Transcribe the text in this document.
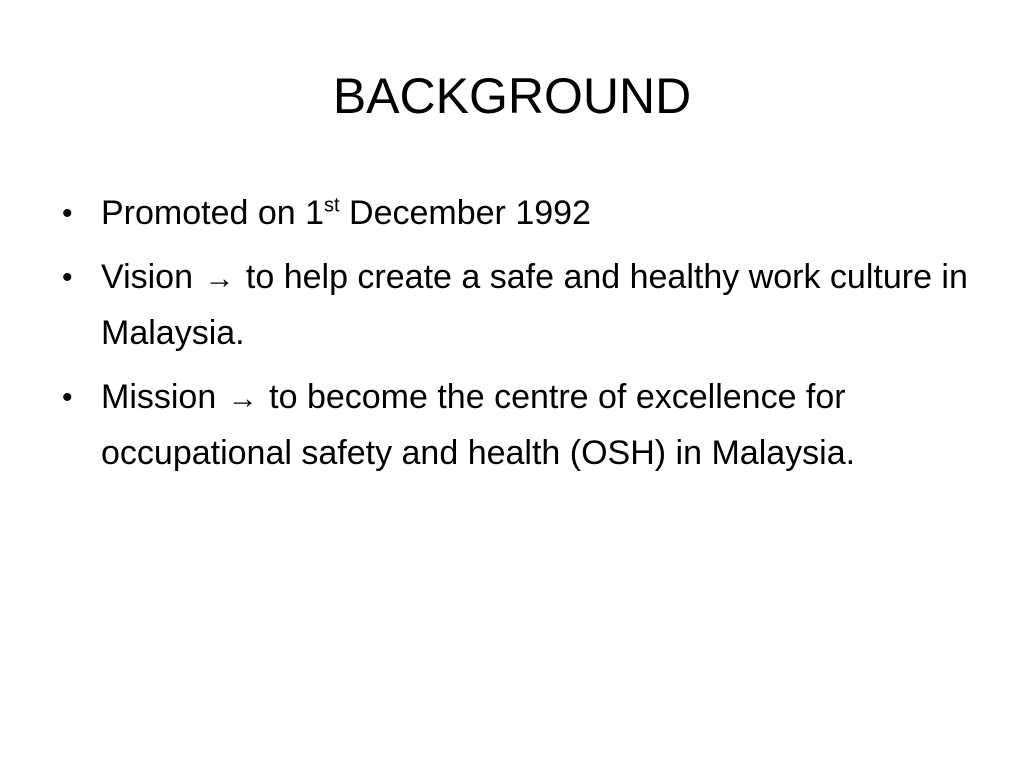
BACKGROUND
• Promoted on 1st December 1992
• Vision → to help create a safe and healthy work culture in Malaysia.
• Mission → to become the centre of excellence for occupational safety and health (OSH) in Malaysia.
